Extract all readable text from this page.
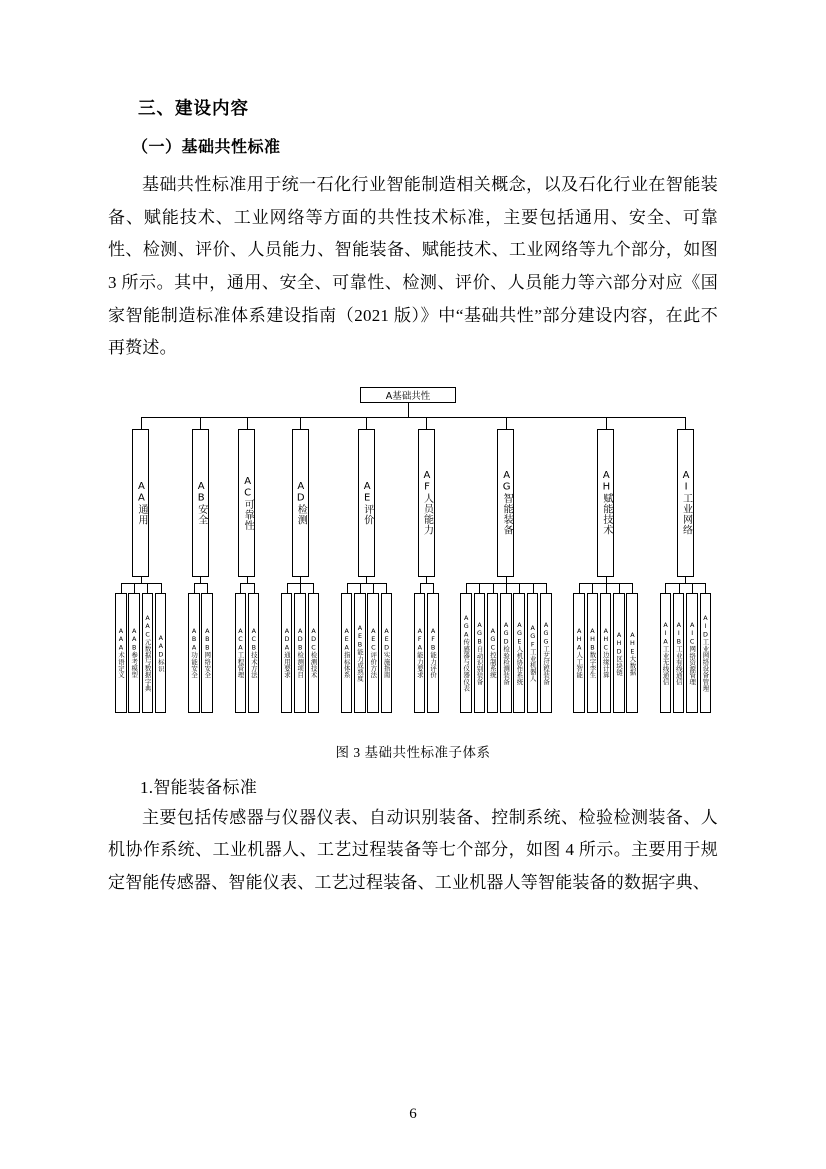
三、建设内容
（一）基础共性标准

基础共性标准用于统一石化行业智能制造相关概念，以及石化行业在智能装备、赋能技术、工业网络等方面的共性技术标准，主要包括通用、安全、可靠性、检测、评价、人员能力、智能装备、赋能技术、工业网络等九个部分，如图 3 所示。其中，通用、安全、可靠性、检测、评价、人员能力等六部分对应《国家智能制造标准体系建设指南（2021 版）》中“基础共性”部分建设内容，在此不再赘述。

A基础共性
AA通用
AAA术语定义 AAB参考模型 AAC元数据与数据字典 AAD标识
AB安全
ABA功能安全 ABB网络安全
AC可靠性
ACA工程管理 ACB技术方法
AD检测
ADA通用要求 ADB检测项目 ADC检测技术
AE评价
AEA指标体系 AEB能力成熟度 AEC评价方法 AED实施指南
AF人员能力
AFA能力要求 AFB能力评价
AG智能装备
AGA传感器与仪器仪表 AGB自动识别装备 AGC控制系统 AGD检验检测装备 AGE人机协作系统 AGF工业机器人 AGG工艺过程装备
AH赋能技术
AHA人工智能 AHB数字孪生 AHC边缘计算 AHD区块链 AHE大数据
AI工业网络
AIA工业无线通信 AIB工业有线通信 AIC网络资源管理 AID工业网络设备管理
图 3 基础共性标准子体系
1.智能装备标准

主要包括传感器与仪器仪表、自动识别装备、控制系统、检验检测装备、人机协作系统、工业机器人、工艺过程装备等七个部分，如图 4 所示。主要用于规定智能传感器、智能仪表、工艺过程装备、工业机器人等智能装备的数据字典、

6
